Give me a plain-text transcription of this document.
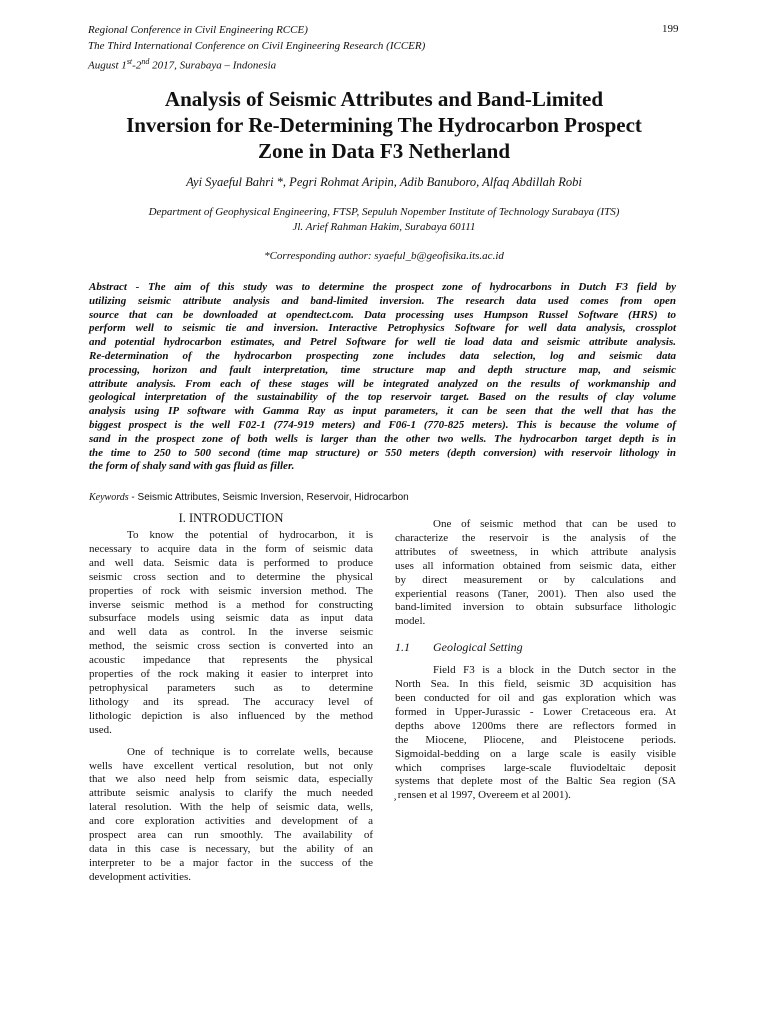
Regional Conference in Civil Engineering RCCE)
The Third International Conference on Civil Engineering Research (ICCER)
August 1st-2nd 2017, Surabaya – Indonesia
199
Analysis of Seismic Attributes and Band-Limited
Inversion for Re-Determining The Hydrocarbon Prospect
Zone in Data F3 Netherland
Ayi Syaeful Bahri *, Pegri Rohmat Aripin, Adib Banuboro, Alfaq Abdillah Robi
Department of Geophysical Engineering, FTSP, Sepuluh Nopember Institute of Technology Surabaya (ITS)
Jl. Arief Rahman Hakim, Surabaya 60111
*Corresponding author: syaeful_b@geofisika.its.ac.id
Abstract - The aim of this study was to determine the prospect zone of hydrocarbons in Dutch F3 field by
utilizing seismic attribute analysis and band-limited inversion. The research data used comes from open
source that can be downloaded at opendtect.com. Data processing uses Humpson Russel Software (HRS) to
perform well to seismic tie and inversion. Interactive Petrophysics Software for well data analysis, crossplot
and potential hydrocarbon estimates, and Petrel Software for well tie load data and seismic attribute analysis.
Re-determination of the hydrocarbon prospecting zone includes data selection, log and seismic data
processing, horizon and fault interpretation, time structure map and depth structure map, and seismic
attribute analysis. From each of these stages will be integrated analyzed on the results of workmanship and
geological interpretation of the sustainability of the top reservoir target. Based on the results of clay volume
analysis using IP software with Gamma Ray as input parameters, it can be seen that the well that has the
biggest prospect is the well F02-1 (774-919 meters) and F06-1 (770-825 meters). This is because the volume of
sand in the prospect zone of both wells is larger than the other two wells. The hydrocarbon target depth is in
the time to 250 to 500 second (time map structure) or 550 meters (depth conversion) with reservoir lithology in
the form of shaly sand with gas fluid as filler.
Keywords - Seismic Attributes, Seismic Inversion, Reservoir, Hidrocarbon
I. INTRODUCTION
To know the potential of hydrocarbon, it is
necessary to acquire data in the form of seismic data
and well data. Seismic data is performed to produce
seismic cross section and to determine the physical
properties of rock with seismic inversion method. The
inverse seismic method is a method for constructing
subsurface models using seismic data as input data
and well data as control. In the inverse seismic
method, the seismic cross section is converted into an
acoustic impedance that represents the physical
properties of the rock making it easier to interpret into
petrophysical parameters such as to determine
lithology and its spread. The accuracy level of
lithologic depiction is also influenced by the method
used.
One of technique is to correlate wells, because
wells have excellent vertical resolution, but not only
that we also need help from seismic data, especially
attribute seismic analysis to clarify the much needed
lateral resolution. With the help of seismic data, wells,
and core exploration activities and development of a
prospect area can run smoothly. The availability of
data in this case is necessary, but the ability of an
interpreter to be a major factor in the success of the
development activities.
One of seismic method that can be used to
characterize the reservoir is the analysis of the
attributes of sweetness, in which attribute analysis
uses all information obtained from seismic data, either
by direct measurement or by calculations and
experiential reasons (Taner, 2001). Then also used the
band-limited inversion to obtain subsurface lithologic
model.
1.1 Geological Setting
Field F3 is a block in the Dutch sector in the
North Sea. In this field, seismic 3D acquisition has
been conducted for oil and gas exploration which was
formed in Upper-Jurassic - Lower Cretaceous era. At
depths above 1200ms there are reflectors formed in
the Miocene, Pliocene, and Pleistocene periods.
Sigmoidal-bedding on a large scale is easily visible
which comprises large-scale fluviodeltaic deposit
systems that deplete most of the Baltic Sea region (SA
̧ rensen et al 1997, Overeem et al 2001).
